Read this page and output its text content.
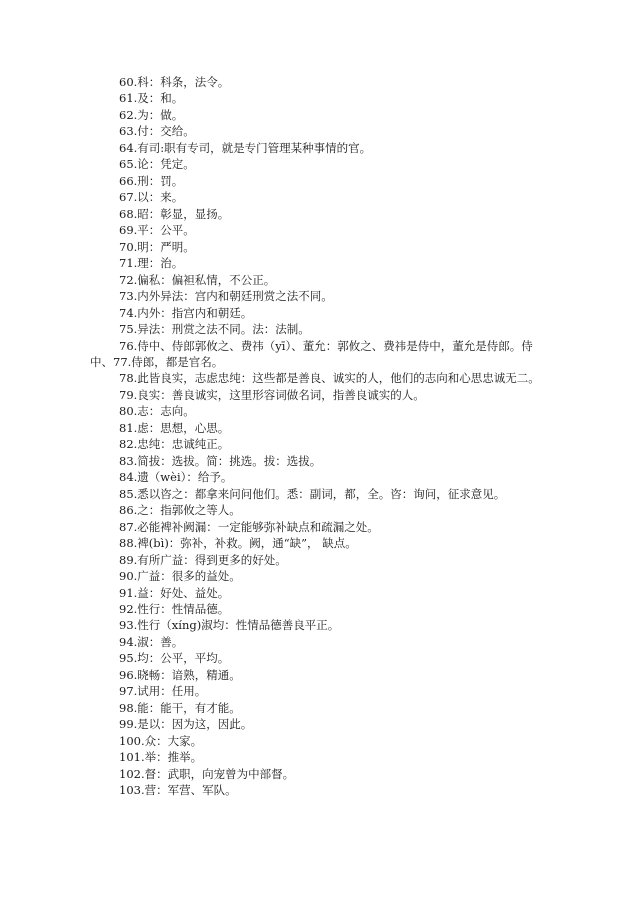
60.科：科条，法令。
61.及：和。
62.为：做。
63.付：交给。
64.有司:职有专司，就是专门管理某种事情的官。
65.论：凭定。
66.刑：罚。
67.以：来。
68.昭：彰显，显扬。
69.平：公平。
70.明：严明。
71.理：治。
72.偏私：偏袒私情，不公正。
73.内外异法：宫内和朝廷刑赏之法不同。
74.内外：指宫内和朝廷。
75.异法：刑赏之法不同。法：法制。
76.侍中、侍郎郭攸之、费祎（yī）、董允：郭攸之、费祎是侍中，董允是侍郎。侍
中、77.侍郎，都是官名。
78.此皆良实，志虑忠纯：这些都是善良、诚实的人，他们的志向和心思忠诚无二。
79.良实：善良诚实，这里形容词做名词，指善良诚实的人。
80.志：志向。
81.虑：思想，心思。
82.忠纯：忠诚纯正。
83.简拔：选拔。简：挑选。拔：选拔。
84.遗（wèi）：给予。
85.悉以咨之：都拿来问问他们。悉：副词，都，全。咨：询问，征求意见。
86.之：指郭攸之等人。
87.必能裨补阙漏：一定能够弥补缺点和疏漏之处。
88.裨(bì)：弥补，补救。阙，通“缺”， 缺点。
89.有所广益：得到更多的好处。
90.广益：很多的益处。
91.益：好处、益处。
92.性行：性情品德。
93.性行（xíng)淑均：性情品德善良平正。
94.淑：善。
95.均：公平，平均。
96.晓畅：谙熟，精通。
97.试用：任用。
98.能：能干，有才能。
99.是以：因为这，因此。
100.众：大家。
101.举：推举。
102.督：武职，向宠曾为中部督。
103.营：军营、军队。
